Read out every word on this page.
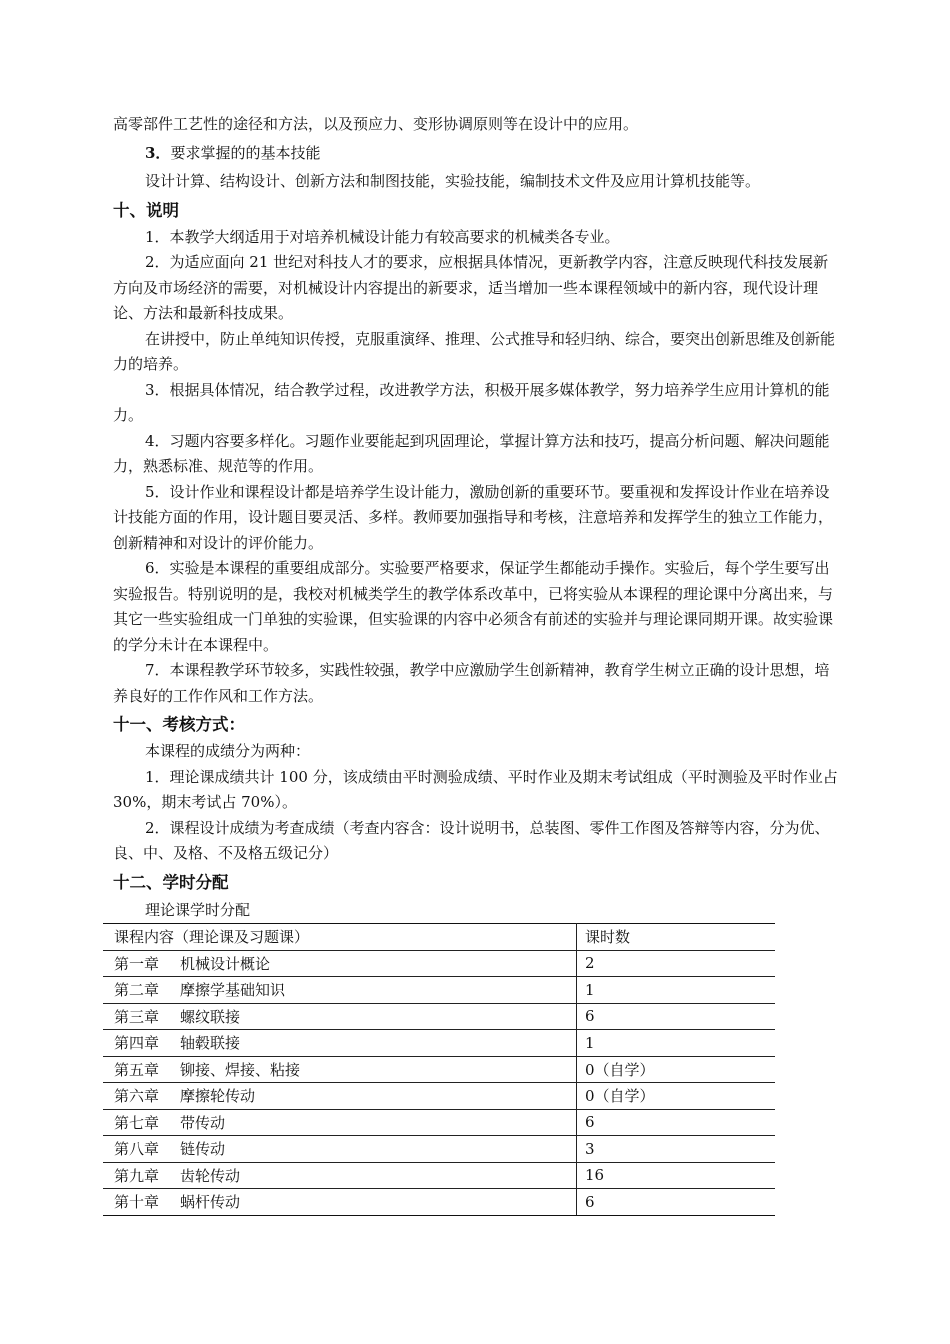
高零部件工艺性的途径和方法，以及预应力、变形协调原则等在设计中的应用。

3．要求掌握的的基本技能

设计计算、结构设计、创新方法和制图技能，实验技能，编制技术文件及应用计算机技能等。

十、说明

1．本教学大纲适用于对培养机械设计能力有较高要求的机械类各专业。

2．为适应面向 21 世纪对科技人才的要求，应根据具体情况，更新教学内容，注意反映现代科技发展新方向及市场经济的需要，对机械设计内容提出的新要求，适当增加一些本课程领域中的新内容，现代设计理论、方法和最新科技成果。

在讲授中，防止单纯知识传授，克服重演绎、推理、公式推导和轻归纳、综合，要突出创新思维及创新能力的培养。

3．根据具体情况，结合教学过程，改进教学方法，积极开展多媒体教学，努力培养学生应用计算机的能力。

4．习题内容要多样化。习题作业要能起到巩固理论，掌握计算方法和技巧，提高分析问题、解决问题能力，熟悉标准、规范等的作用。

5．设计作业和课程设计都是培养学生设计能力，激励创新的重要环节。要重视和发挥设计作业在培养设计技能方面的作用，设计题目要灵活、多样。教师要加强指导和考核，注意培养和发挥学生的独立工作能力，创新精神和对设计的评价能力。

6．实验是本课程的重要组成部分。实验要严格要求，保证学生都能动手操作。实验后，每个学生要写出实验报告。特别说明的是，我校对机械类学生的教学体系改革中，已将实验从本课程的理论课中分离出来，与其它一些实验组成一门单独的实验课，但实验课的内容中必须含有前述的实验并与理论课同期开课。故实验课的学分未计在本课程中。

7．本课程教学环节较多，实践性较强，教学中应激励学生创新精神，教育学生树立正确的设计思想，培养良好的工作作风和工作方法。

十一、考核方式：

本课程的成绩分为两种：

1．理论课成绩共计 100 分，该成绩由平时测验成绩、平时作业及期末考试组成（平时测验及平时作业占 30%，期末考试占 70%）。

2．课程设计成绩为考查成绩（考查内容含：设计说明书，总装图、零件工作图及答辩等内容，分为优、良、中、及格、不及格五级记分）

十二、学时分配

理论课学时分配

课程内容（理论课及习题课）	课时数
第一章 机械设计概论	2
第二章 摩擦学基础知识	1
第三章 螺纹联接	6
第四章 轴毂联接	1
第五章 铆接、焊接、粘接	0（自学）
第六章 摩擦轮传动	0（自学）
第七章 带传动	6
第八章 链传动	3
第九章 齿轮传动	16
第十章 蜗杆传动	6
